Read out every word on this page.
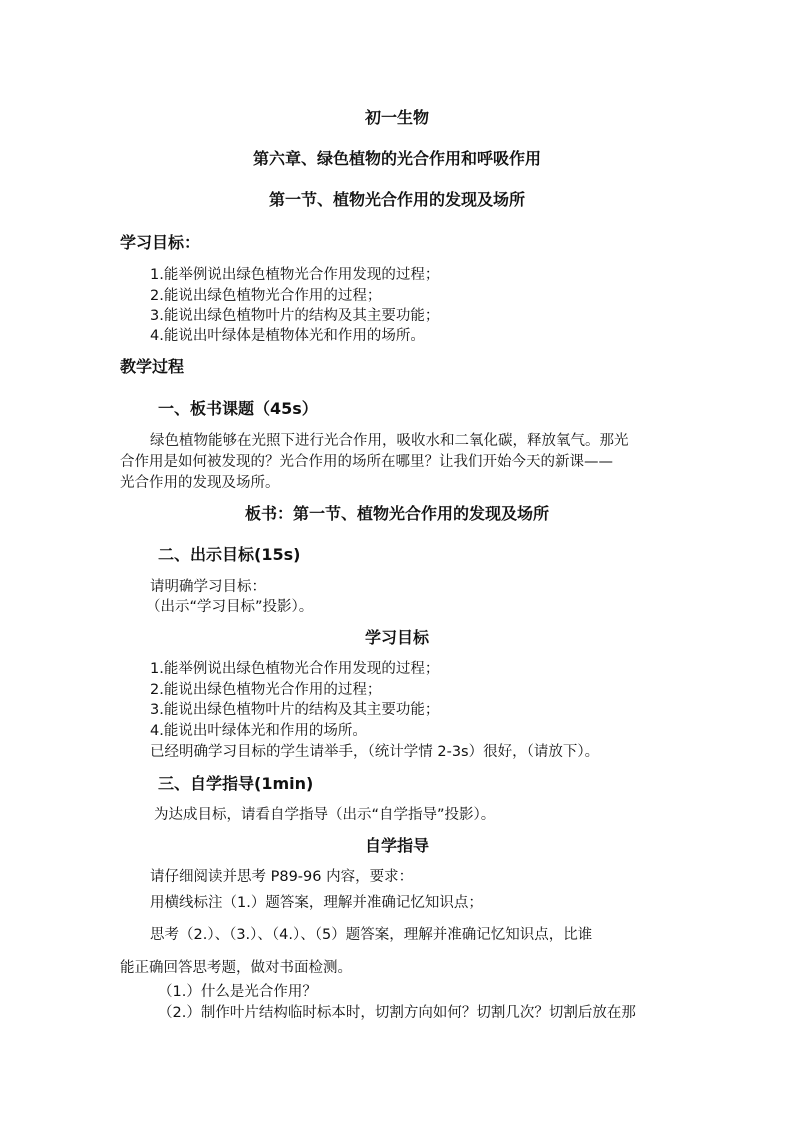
初一生物
第六章、绿色植物的光合作用和呼吸作用
第一节、植物光合作用的发现及场所
学习目标：
1.能举例说出绿色植物光合作用发现的过程；
2.能说出绿色植物光合作用的过程；
3.能说出绿色植物叶片的结构及其主要功能；
4.能说出叶绿体是植物体光和作用的场所。
教学过程
一、板书课题（45s）
绿色植物能够在光照下进行光合作用，吸收水和二氧化碳，释放氧气。那光
合作用是如何被发现的？光合作用的场所在哪里？让我们开始今天的新课——
光合作用的发现及场所。
板书：第一节、植物光合作用的发现及场所
二、出示目标(15s)
请明确学习目标：
（出示“学习目标”投影）。
学习目标
1.能举例说出绿色植物光合作用发现的过程；
2.能说出绿色植物光合作用的过程；
3.能说出绿色植物叶片的结构及其主要功能；
4.能说出叶绿体光和作用的场所。
已经明确学习目标的学生请举手，（统计学情 2-3s）很好，（请放下）。
三、自学指导(1min)
为达成目标，请看自学指导（出示“自学指导”投影）。
自学指导
请仔细阅读并思考 P89-96 内容，要求：
用横线标注（1.）题答案，理解并准确记忆知识点；
思考（2.）、（3.）、（4.）、（5）题答案，理解并准确记忆知识点，比谁
能正确回答思考题，做对书面检测。
（1.）什么是光合作用？
（2.）制作叶片结构临时标本时，切割方向如何？切割几次？切割后放在那
